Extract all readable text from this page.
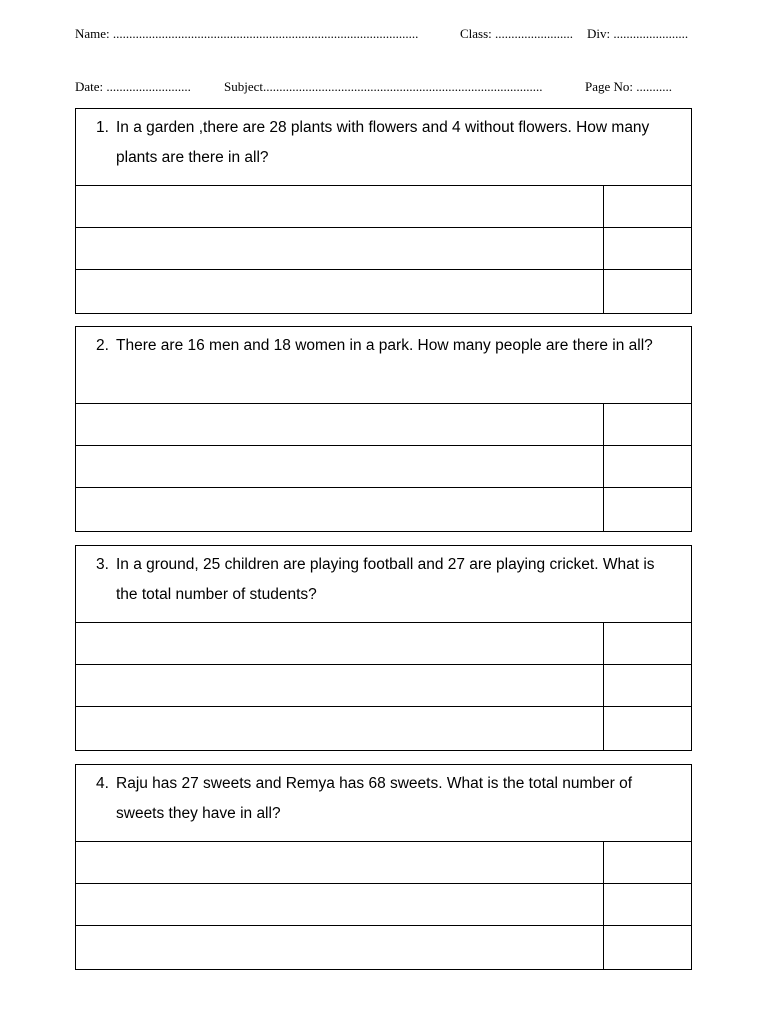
Name: ..............................................................................................	Class: ........................	Div: .......................
Date: ..........................	Subject......................................................................................	Page No: ...........
1. In a garden ,there are 28 plants with flowers and 4 without flowers. How many plants are there in all?
2. There are 16 men and 18 women in a park. How many people are there in all?
3. In a ground, 25 children are playing football and 27 are playing cricket. What is the total number of students?
4. Raju has 27 sweets and Remya has 68 sweets. What is the total number of sweets they have in all?
